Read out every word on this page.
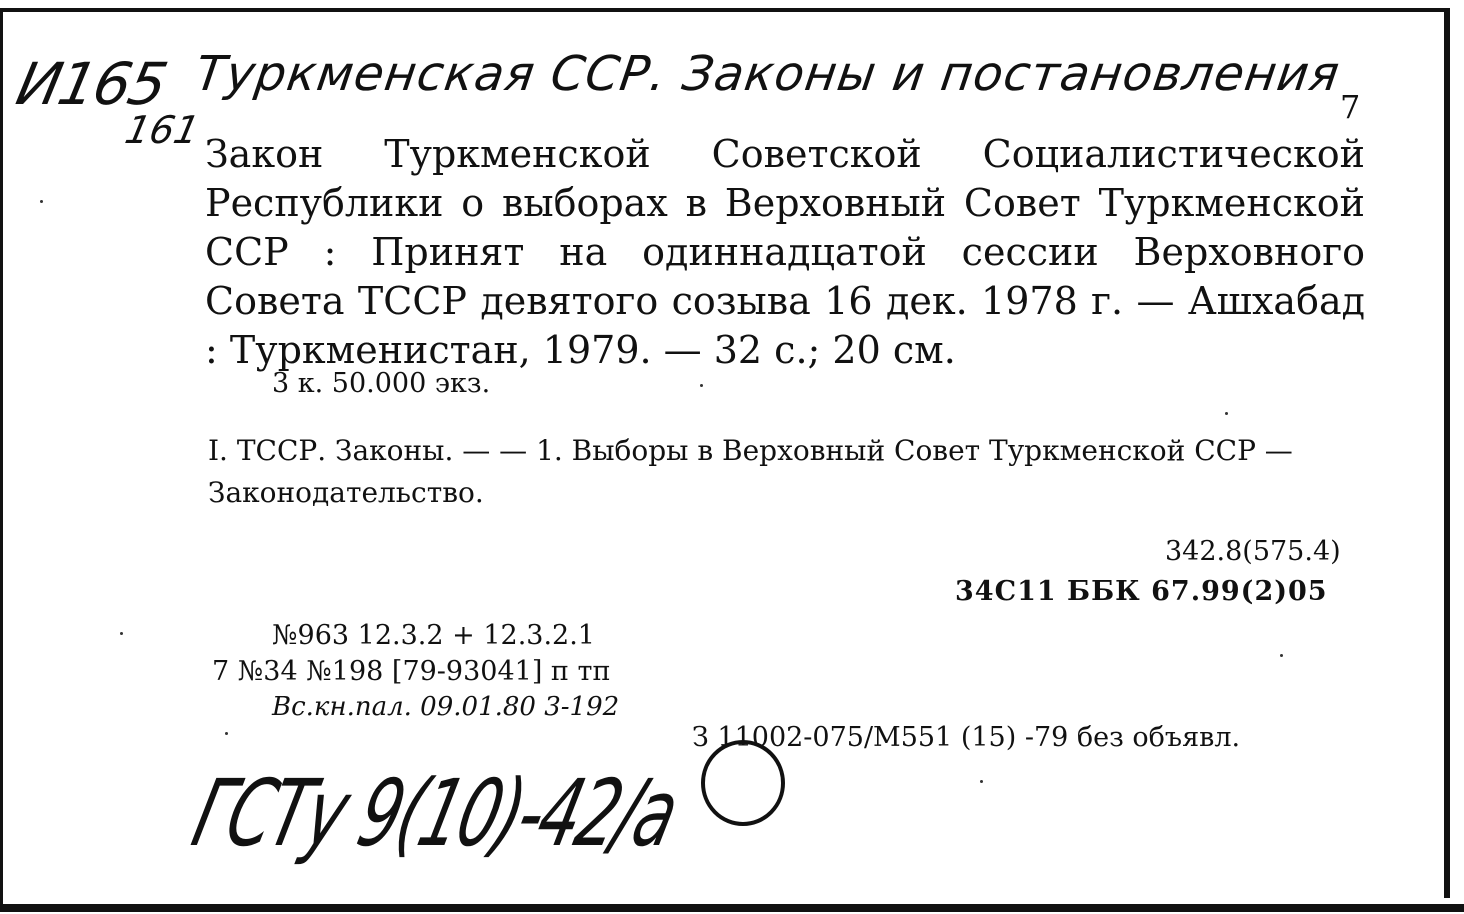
И165
161
Туркменская ССР. Законы и постановления
7
Закон Туркменской Советской Социалистической Республики о выборах в Верховный Совет Туркменской ССР : Принят на одиннадцатой сессии Верховного Совета ТССР девятого созыва 16 дек. 1978 г. — Ашхабад : Туркменистан, 1979. — 32 с.; 20 см.
3 к. 50.000 экз.
I. ТССР. Законы. — — 1. Выборы в Верховный Совет Туркменской ССР — Законодательство.
342.8(575.4)
34С11 ББК 67.99(2)05
№963 12.3.2 + 12.3.2.1
7 №34 №198 [79-93041] п тп
Вс.кн.пал. 09.01.80 3-192
З 11002-075/М551 (15) -79 без объявл.
ГСТу 9(10)-42/а
